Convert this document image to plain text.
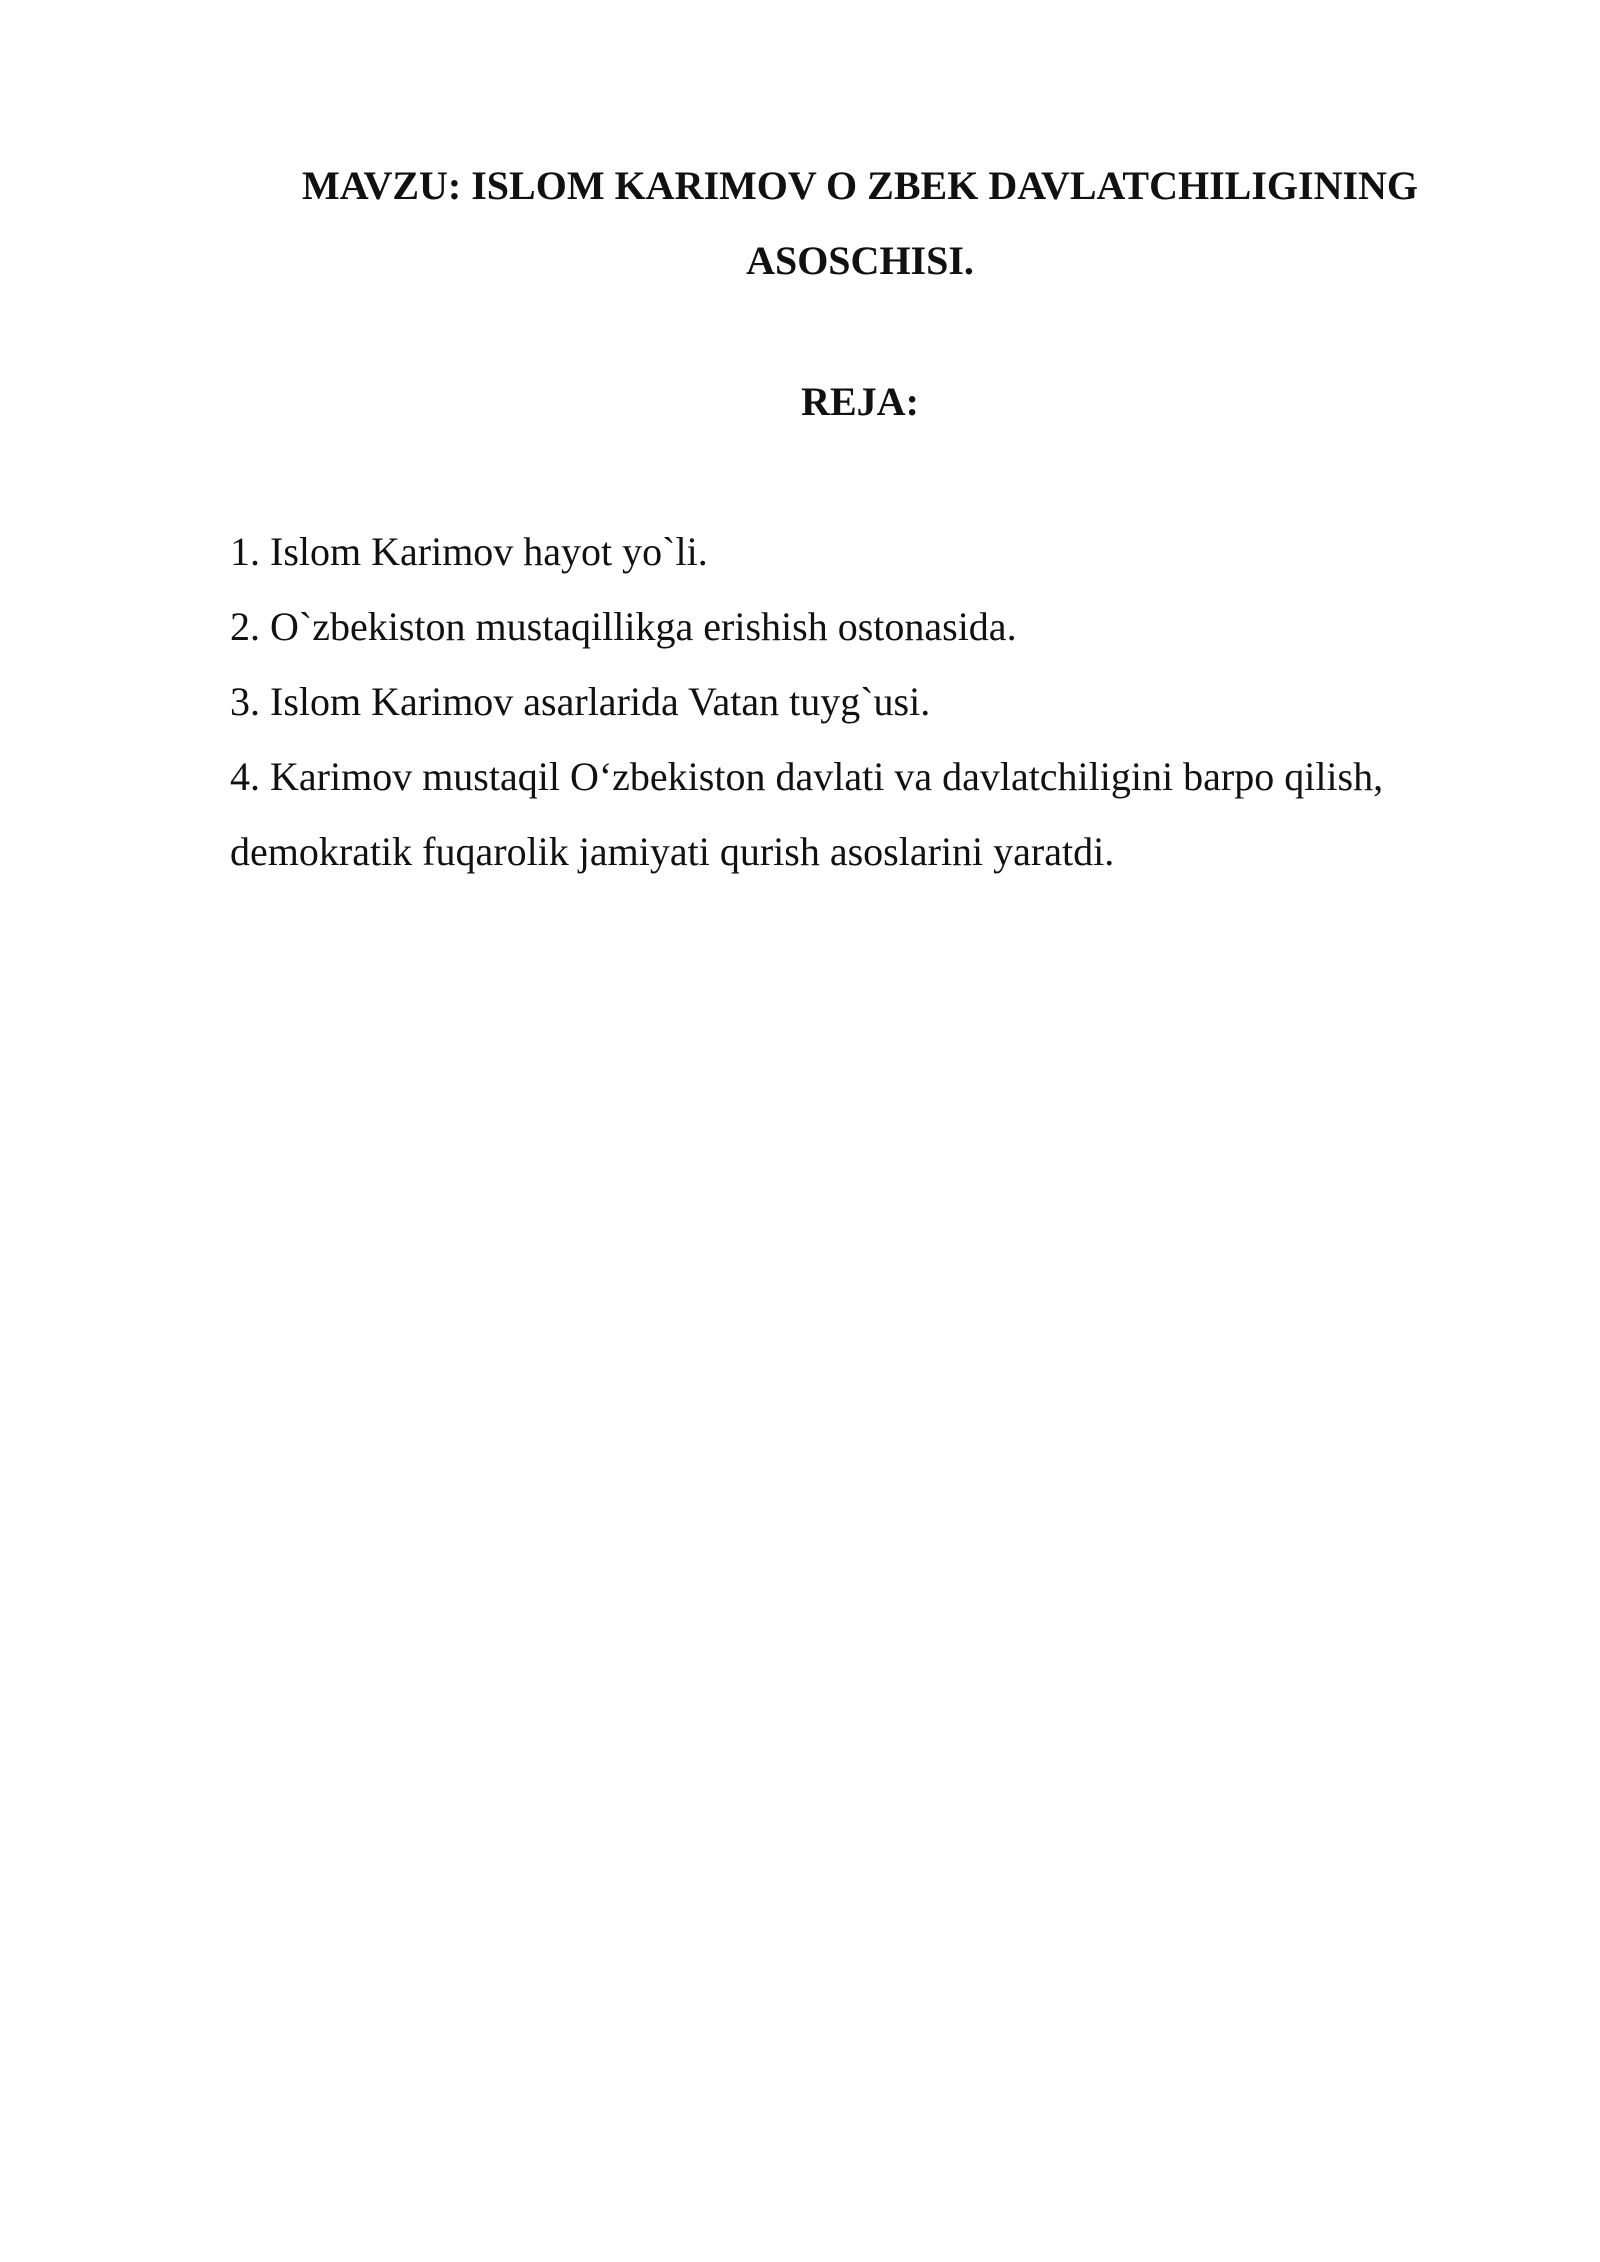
MAVZU: ISLOM KARIMOV O ZBEK DAVLATCHILIGINING ASOSCHISI.
REJA:
1. Islom Karimov hayot yo`li.
2. O`zbekiston mustaqillikga erishish ostonasida.
3. Islom Karimov asarlarida Vatan tuyg`usi.
4. Karimov mustaqil O‘zbekiston davlati va davlatchiligini barpo qilish, demokratik fuqarolik jamiyati qurish asoslarini yaratdi.
